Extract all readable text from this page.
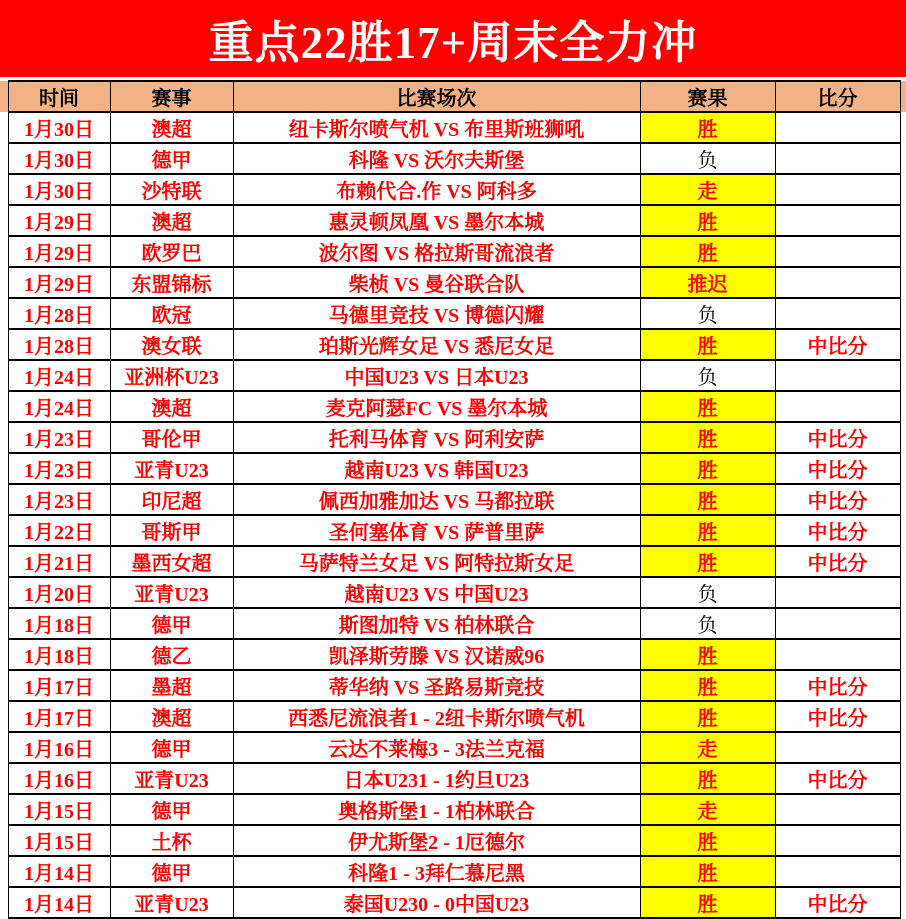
重点22胜17+周末全力冲
	时间	赛事	比赛场次	赛果	比分	
	1月30日	澳超	纽卡斯尔喷气机 VS 布里斯班狮吼	胜		
	1月30日	德甲	科隆 VS 沃尔夫斯堡	负		
	1月30日	沙特联	布赖代合.作 VS 阿科多	走		
	1月29日	澳超	惠灵顿凤凰 VS 墨尔本城	胜		
	1月29日	欧罗巴	波尔图 VS 格拉斯哥流浪者	胜		
	1月29日	东盟锦标	柴桢 VS 曼谷联合队	推迟		
	1月28日	欧冠	马德里竞技 VS 博德闪耀	负		
	1月28日	澳女联	珀斯光辉女足 VS 悉尼女足	胜	中比分	
	1月24日	亚洲杯U23	中国U23 VS 日本U23	负		
	1月24日	澳超	麦克阿瑟FC VS 墨尔本城	胜		
	1月23日	哥伦甲	托利马体育 VS 阿利安萨	胜	中比分	
	1月23日	亚青U23	越南U23 VS 韩国U23	胜	中比分	
	1月23日	印尼超	佩西加雅加达 VS 马都拉联	胜	中比分	
	1月22日	哥斯甲	圣何塞体育 VS 萨普里萨	胜	中比分	
	1月21日	墨西女超	马萨特兰女足 VS 阿特拉斯女足	胜	中比分	
	1月20日	亚青U23	越南U23 VS 中国U23	负		
	1月18日	德甲	斯图加特 VS 柏林联合	负		
	1月18日	德乙	凯泽斯劳滕 VS 汉诺威96	胜		
	1月17日	墨超	蒂华纳 VS 圣路易斯竞技	胜	中比分	
	1月17日	澳超	西悉尼流浪者1 - 2纽卡斯尔喷气机	胜	中比分	
	1月16日	德甲	云达不莱梅3 - 3法兰克福	走		
	1月16日	亚青U23	日本U231 - 1约旦U23	胜	中比分	
	1月15日	德甲	奥格斯堡1 - 1柏林联合	走		
	1月15日	土杯	伊尤斯堡2 - 1厄德尔	胜		
	1月14日	德甲	科隆1 - 3拜仁慕尼黑	胜		
	1月14日	亚青U23	泰国U230 - 0中国U23	胜	中比分	
